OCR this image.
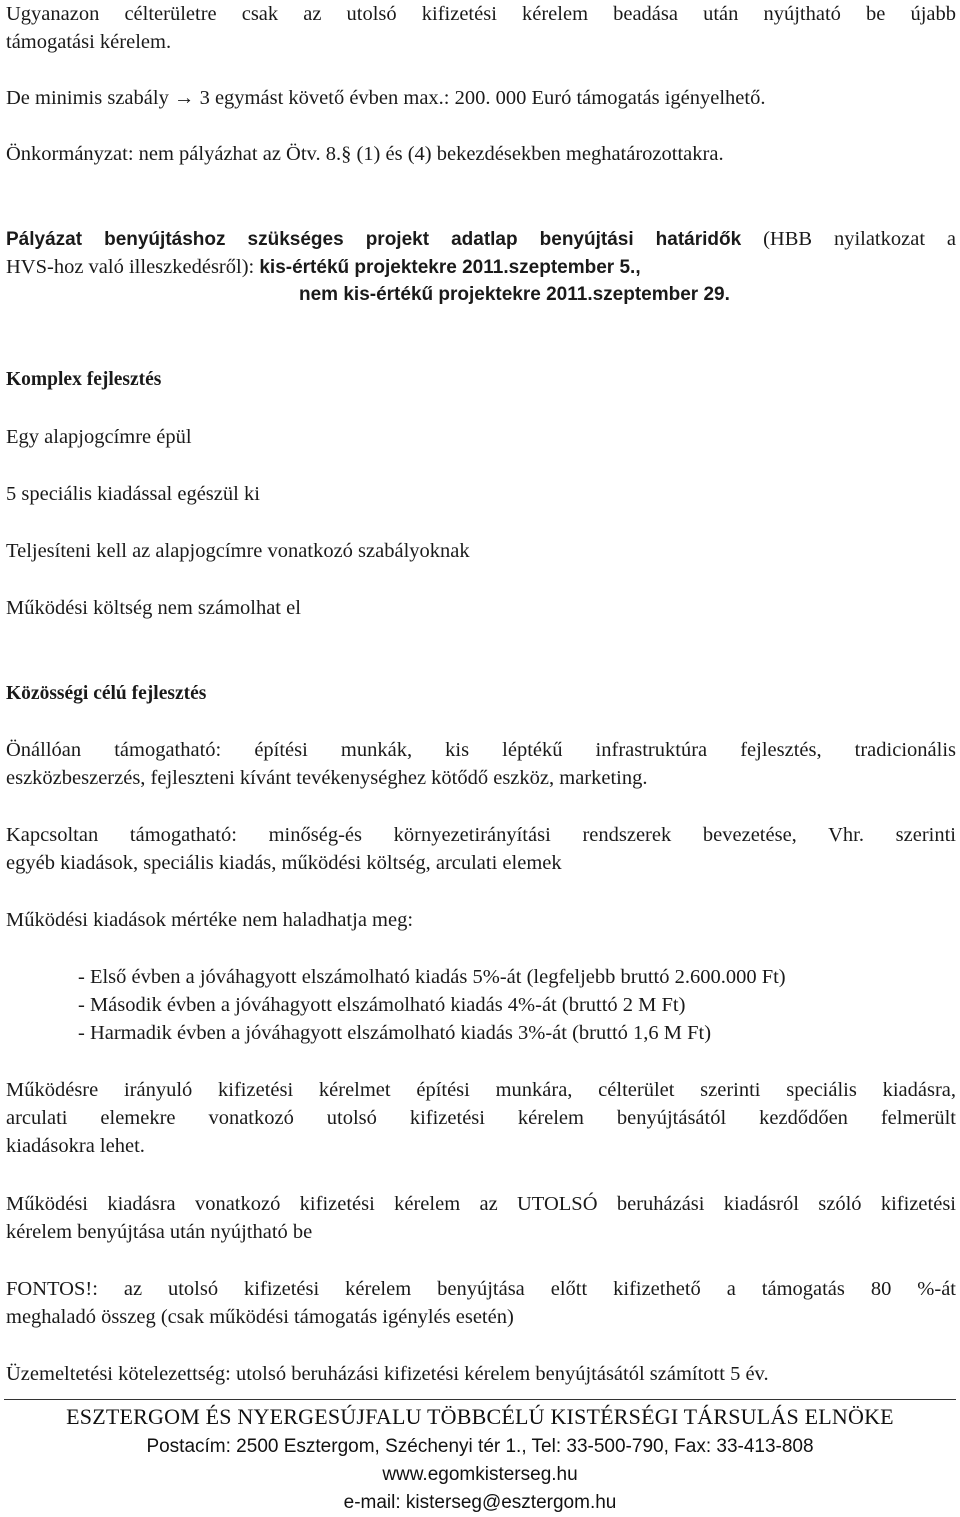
Ugyanazon célterületre csak az utolsó kifizetési kérelem beadása után nyújtható be újabb

támogatási kérelem.

De minimis szabály → 3 egymást követő évben max.: 200. 000 Euró támogatás igényelhető.

Önkormányzat: nem pályázhat az Ötv. 8.§ (1) és (4) bekezdésekben meghatározottakra.

Pályázat benyújtáshoz szükséges projekt adatlap benyújtási határidők (HBB nyilatkozat a

HVS-hoz való illeszkedésről): kis-értékű projektekre 2011.szeptember 5.,

nem kis-értékű projektekre 2011.szeptember 29.

Komplex fejlesztés

Egy alapjogcímre épül

5 speciális kiadással egészül ki

Teljesíteni kell az alapjogcímre vonatkozó szabályoknak

Működési költség nem számolhat el

Közösségi célú fejlesztés

Önállóan támogatható: építési munkák, kis léptékű infrastruktúra fejlesztés, tradicionális

eszközbeszerzés, fejleszteni kívánt tevékenységhez kötődő eszköz, marketing.

Kapcsoltan támogatható: minőség-és környezetirányítási rendszerek bevezetése, Vhr. szerinti

egyéb kiadások, speciális kiadás, működési költség, arculati elemek

Működési kiadások mértéke nem haladhatja meg:

- Első évben a jóváhagyott elszámolható kiadás 5%-át (legfeljebb bruttó 2.600.000 Ft)

- Második évben a jóváhagyott elszámolható kiadás 4%-át (bruttó 2 M Ft)

- Harmadik évben a jóváhagyott elszámolható kiadás 3%-át (bruttó 1,6 M Ft)

Működésre irányuló kifizetési kérelmet építési munkára, célterület szerinti speciális kiadásra,

arculati elemekre vonatkozó utolsó kifizetési kérelem benyújtásától kezdődően felmerült

kiadásokra lehet.

Működési kiadásra vonatkozó kifizetési kérelem az UTOLSÓ beruházási kiadásról szóló kifizetési

kérelem benyújtása után nyújtható be

FONTOS!: az utolsó kifizetési kérelem benyújtása előtt kifizethető a támogatás 80 %-át

meghaladó összeg (csak működési támogatás igénylés esetén)

Üzemeltetési kötelezettség: utolsó beruházási kifizetési kérelem benyújtásától számított 5 év.

ESZTERGOM ÉS NYERGESÚJFALU TÖBBCÉLÚ KISTÉRSÉGI TÁRSULÁS ELNÖKE
Postacím: 2500 Esztergom, Széchenyi tér 1., Tel: 33-500-790, Fax: 33-413-808
www.egomkisterseg.hu
e-mail: kisterseg@esztergom.hu
